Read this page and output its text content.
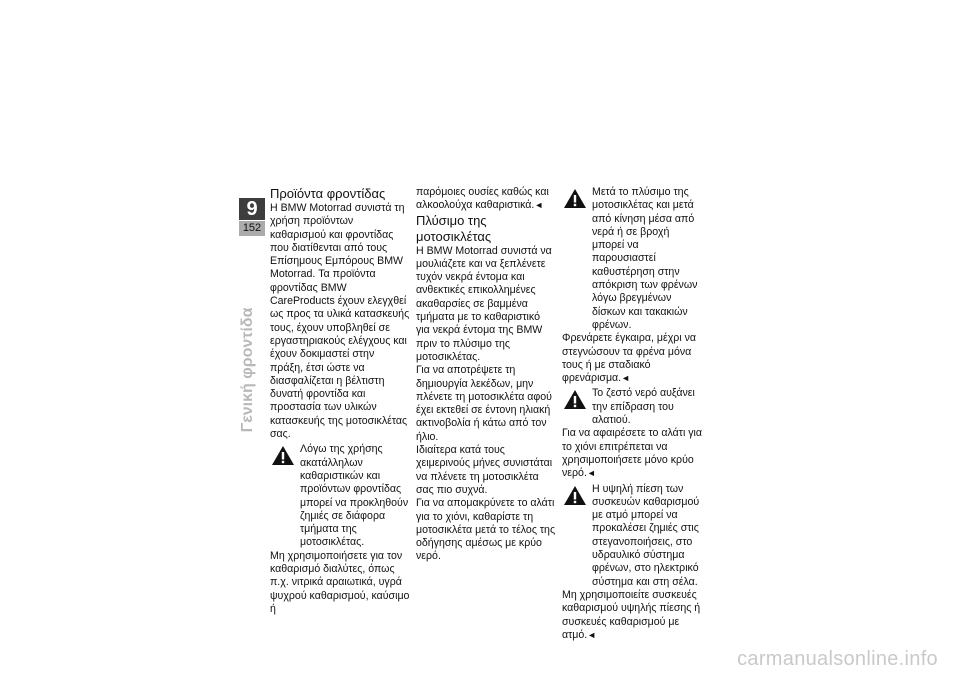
9
152
Γενική φροντίδα
Προϊόντα φροντίδας

Η BMW Motorrad συνιστά τη χρήση προϊόντων καθαρισμού και φροντίδας που διατίθενται από τους Επίσημους Εμπόρους BMW Motorrad. Τα προϊόντα φροντίδας BMW CareProducts έχουν ελεγχθεί ως προς τα υλικά κατασκευής τους, έχουν υποβληθεί σε εργαστηριακούς ελέγχους και έχουν δοκιμαστεί στην πράξη, έτσι ώστε να διασφαλίζεται η βέλτιστη δυνατή φροντίδα και προστασία των υλικών κατασκευής της μοτοσικλέτας σας.

Λόγω της χρήσης ακατάλληλων καθαριστικών και προϊόντων φροντίδας μπορεί να προκληθούν ζημιές σε διάφορα τμήματα της μοτοσικλέτας.

Μη χρησιμοποιήσετε για τον καθαρισμό διαλύτες, όπως π.χ. νιτρικά αραιωτικά, υγρά ψυχρού καθαρισμού, καύσιμο ή

παρόμοιες ουσίες καθώς και αλκοολούχα καθαριστικά.◄

Πλύσιμο της μοτοσικλέτας

Η BMW Motorrad συνιστά να μουλιάζετε και να ξεπλένετε τυχόν νεκρά έντομα και ανθεκτικές επικολλημένες ακαθαρσίες σε βαμμένα τμήματα με το καθαριστικό για νεκρά έντομα της BMW πριν το πλύσιμο της μοτοσικλέτας.

Για να αποτρέψετε τη δημιουργία λεκέδων, μην πλένετε τη μοτοσικλέτα αφού έχει εκτεθεί σε έντονη ηλιακή ακτινοβολία ή κάτω από τον ήλιο.

Ιδιαίτερα κατά τους χειμερινούς μήνες συνιστάται να πλένετε τη μοτοσικλέτα σας πιο συχνά.

Για να απομακρύνετε το αλάτι για το χιόνι, καθαρίστε τη μοτοσικλέτα μετά το τέλος της οδήγησης αμέσως με κρύο νερό.

Μετά το πλύσιμο της μοτοσικλέτας και μετά από κίνηση μέσα από νερά ή σε βροχή μπορεί να παρουσιαστεί καθυστέρηση στην απόκριση των φρένων λόγω βρεγμένων δίσκων και τακακιών φρένων.

Φρενάρετε έγκαιρα, μέχρι να στεγνώσουν τα φρένα μόνα τους ή με σταδιακό φρενάρισμα.◄

Το ζεστό νερό αυξάνει την επίδραση του αλατιού.

Για να αφαιρέσετε το αλάτι για το χιόνι επιτρέπεται να χρησιμοποιήσετε μόνο κρύο νερό.◄

Η υψηλή πίεση των συσκευών καθαρισμού με ατμό μπορεί να προκαλέσει ζημιές στις στεγανοποιήσεις, στο υδραυλικό σύστημα φρένων, στο ηλεκτρικό σύστημα και στη σέλα.

Μη χρησιμοποιείτε συσκευές καθαρισμού υψηλής πίεσης ή συσκευές καθαρισμού με ατμό.◄

carmanualsonline.info
